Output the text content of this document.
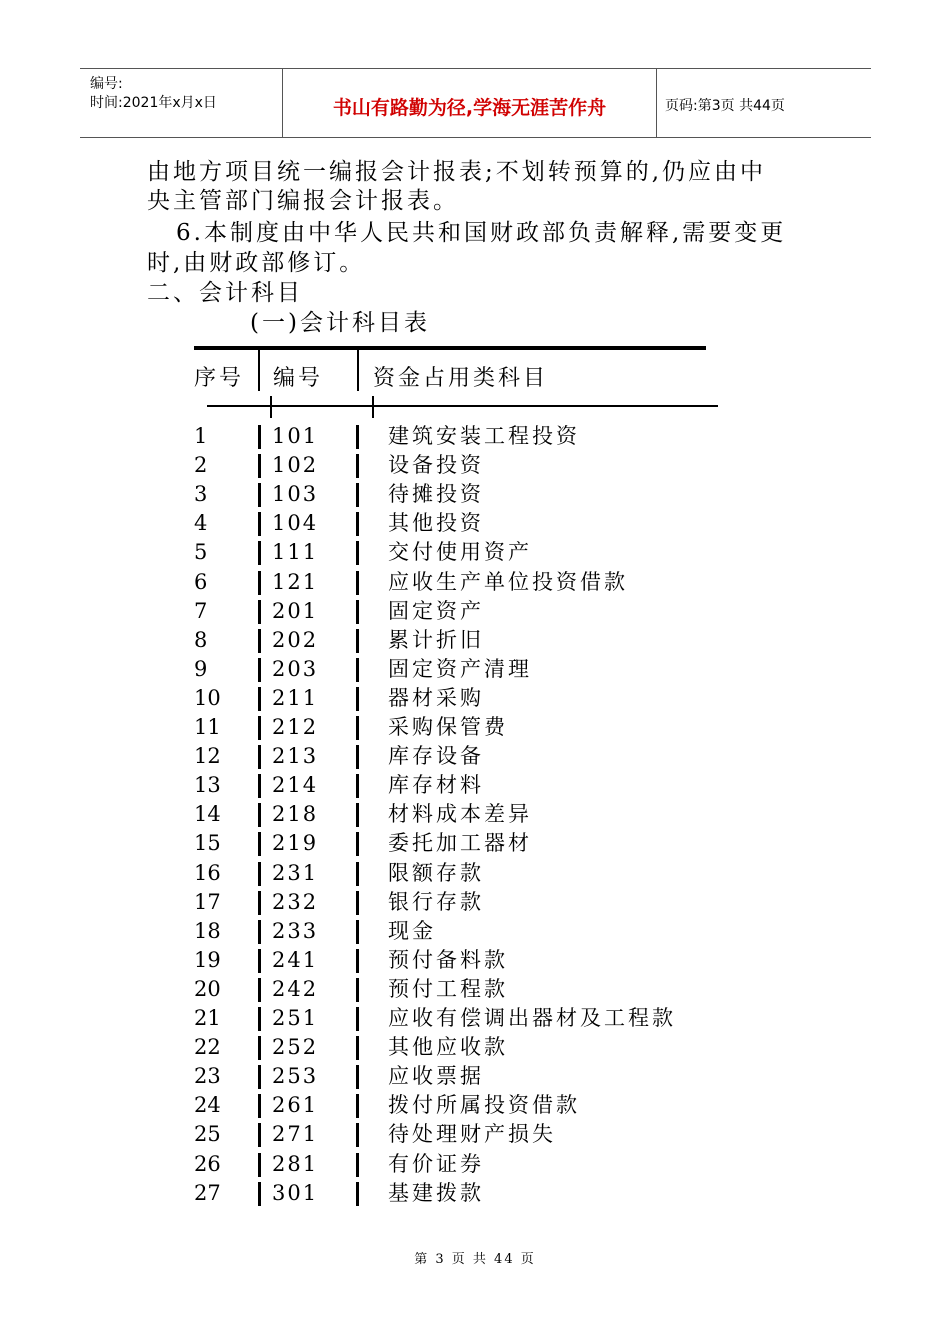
编号:
时间:2021年x月x日	书山有路勤为径,学海无涯苦作舟	页码:第3页 共44页
由地方项目统一编报会计报表;不划转预算的,仍应由中
央主管部门编报会计报表。
6.本制度由中华人民共和国财政部负责解释,需要变更
时,由财政部修订。
二、会计科目
(一)会计科目表
序号 编号 资金占用类科目
1	101	建筑安装工程投资
2	102	设备投资
3	103	待摊投资
4	104	其他投资
5	111	交付使用资产
6	121	应收生产单位投资借款
7	201	固定资产
8	202	累计折旧
9	203	固定资产清理
10 211	器材采购
11 212	采购保管费
12 213	库存设备
13 214	库存材料
14 218	材料成本差异
15 219	委托加工器材
16 231	限额存款
17 232	银行存款
18 233	现金
19 241	预付备料款
20 242	预付工程款
21 251	应收有偿调出器材及工程款
22 252	其他应收款
23 253	应收票据
24 261	拨付所属投资借款
25 271	待处理财产损失
26 281	有价证券
27 301	基建拨款
第 3 页 共 44 页
